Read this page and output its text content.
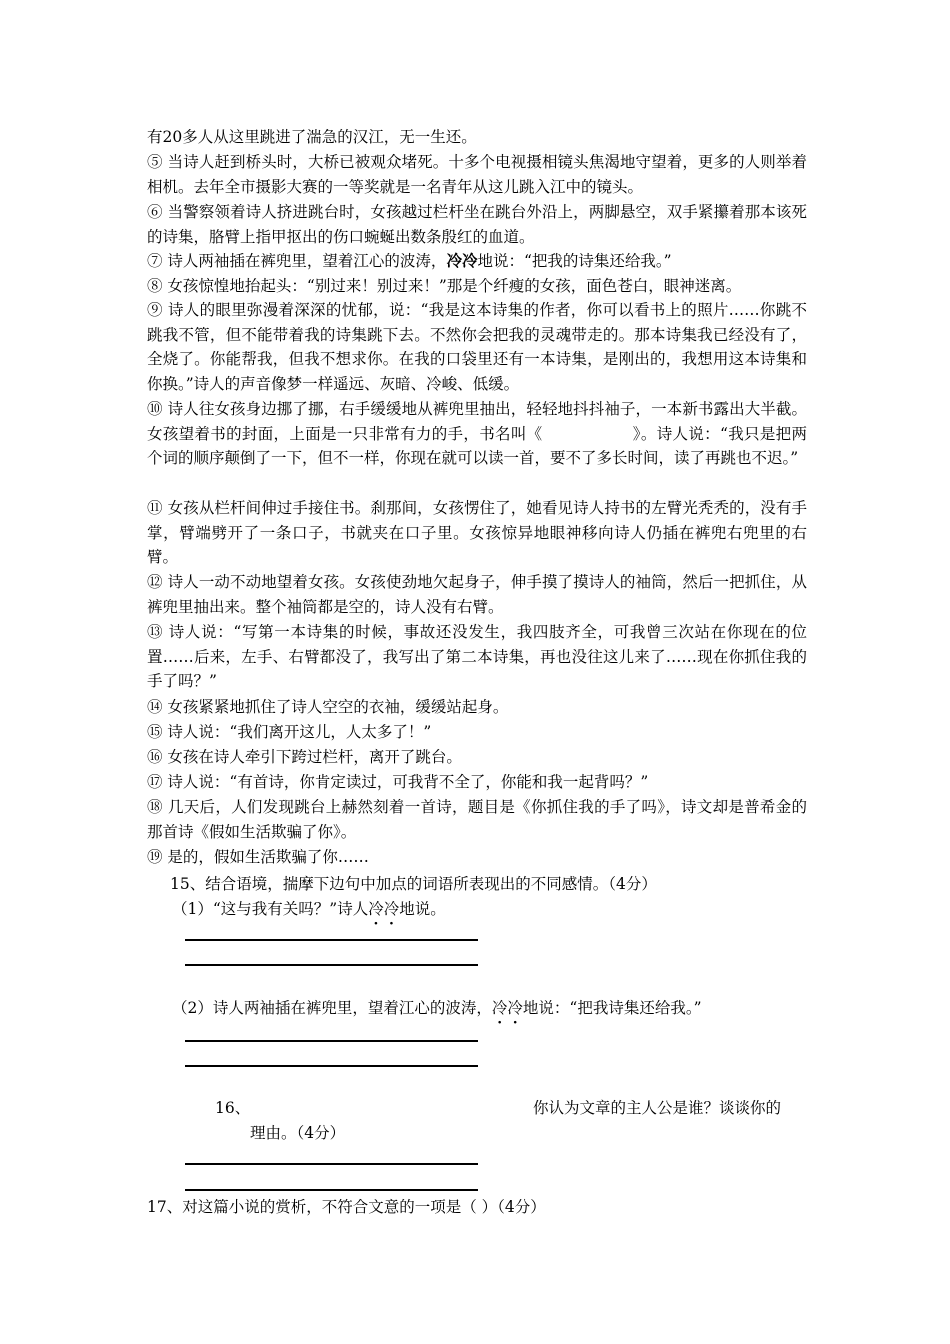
有20多人从这里跳进了湍急的汉江，无一生还。
⑤ 当诗人赶到桥头时，大桥已被观众堵死。十多个电视摄相镜头焦渴地守望着，更多的人则举着相机。去年全市摄影大赛的一等奖就是一名青年从这儿跳入江中的镜头。
⑥ 当警察领着诗人挤进跳台时，女孩越过栏杆坐在跳台外沿上，两脚悬空，双手紧攥着那本该死的诗集，胳臂上指甲抠出的伤口蜿蜒出数条殷红的血道。
⑦ 诗人两袖插在裤兜里，望着江心的波涛，冷冷地说：“把我的诗集还给我。”
⑧ 女孩惊惶地抬起头：“别过来！别过来！”那是个纤瘦的女孩，面色苍白，眼神迷离。
⑨ 诗人的眼里弥漫着深深的忧郁，说：“我是这本诗集的作者，你可以看书上的照片……你跳不跳我不管，但不能带着我的诗集跳下去。不然你会把我的灵魂带走的。那本诗集我已经没有了，全烧了。你能帮我，但我不想求你。在我的口袋里还有一本诗集，是刚出的，我想用这本诗集和你换。”诗人的声音像梦一样遥远、灰暗、冷峻、低缓。
⑩ 诗人往女孩身边挪了挪，右手缓缓地从裤兜里抽出，轻轻地抖抖袖子，一本新书露出大半截。女孩望着书的封面，上面是一只非常有力的手，书名叫《	》。诗人说：“我只是把两个词的顺序颠倒了一下，但不一样，你现在就可以读一首，要不了多长时间，读了再跳也不迟。”
⑪ 女孩从栏杆间伸过手接住书。刹那间，女孩愣住了，她看见诗人持书的左臂光秃秃的，没有手掌，臂端劈开了一条口子，书就夹在口子里。女孩惊异地眼神移向诗人仍插在裤兜右兜里的右臂。
⑫ 诗人一动不动地望着女孩。女孩使劲地欠起身子，伸手摸了摸诗人的袖筒，然后一把抓住，从裤兜里抽出来。整个袖筒都是空的，诗人没有右臂。
⑬ 诗人说：“写第一本诗集的时候，事故还没发生，我四肢齐全，可我曾三次站在你现在的位置……后来，左手、右臂都没了，我写出了第二本诗集，再也没往这儿来了……现在你抓住我的手了吗？”
⑭ 女孩紧紧地抓住了诗人空空的衣袖，缓缓站起身。
⑮ 诗人说：“我们离开这儿，人太多了！”
⑯ 女孩在诗人牵引下跨过栏杆，离开了跳台。
⑰ 诗人说：“有首诗，你肯定读过，可我背不全了，你能和我一起背吗？”
⑱ 几天后，人们发现跳台上赫然刻着一首诗，题目是《你抓住我的手了吗》，诗文却是普希金的那首诗《假如生活欺骗了你》。
⑲ 是的，假如生活欺骗了你……
15、结合语境，揣摩下边句中加点的词语所表现出的不同感情。（4分）
（1）“这与我有关吗？”诗人冷冷地说。
（2）诗人两袖插在裤兜里，望着江心的波涛，冷冷地说：“把我诗集还给我。”
16、	你认为文章的主人公是谁？谈谈你的
理由。（4分）
17、对这篇小说的赏析，不符合文意的一项是（ ）（4分）
